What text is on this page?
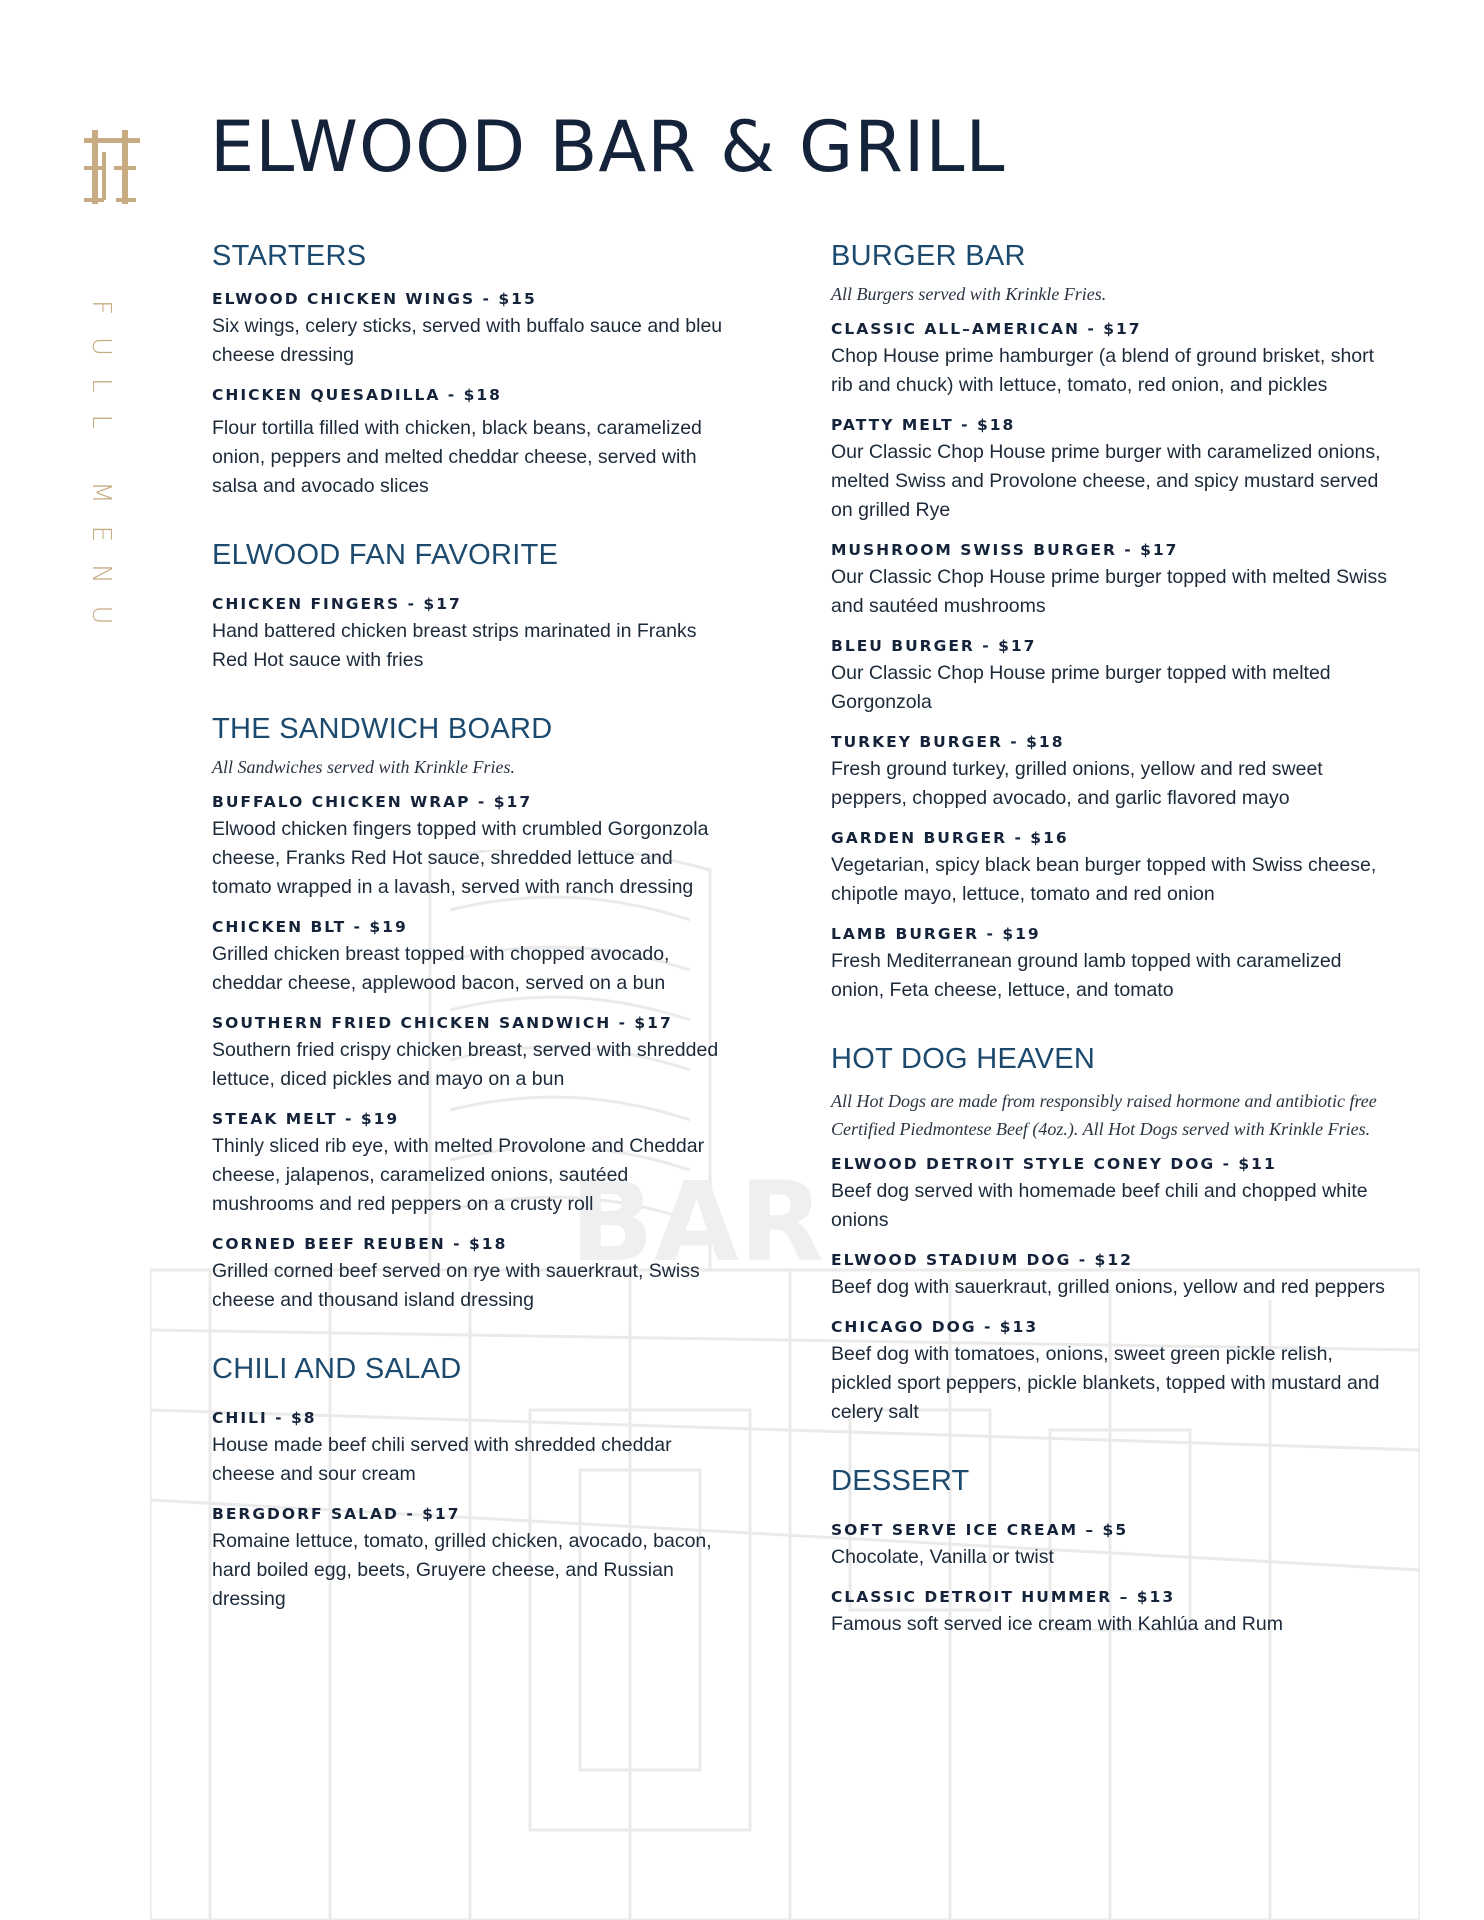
BAR
FULL MENU
ELWOOD BAR & GRILL
STARTERS
ELWOOD CHICKEN WINGS - $15
Six wings, celery sticks, served with buffalo sauce and bleu cheese dressing
CHICKEN QUESADILLA - $18
Flour tortilla filled with chicken, black beans, caramelized onion, peppers and melted cheddar cheese, served with salsa and avocado slices
ELWOOD FAN FAVORITE
CHICKEN FINGERS - $17
Hand battered chicken breast strips marinated in Franks Red Hot sauce with fries
THE SANDWICH BOARD
All Sandwiches served with Krinkle Fries.
BUFFALO CHICKEN WRAP - $17
Elwood chicken fingers topped with crumbled Gorgonzola cheese, Franks Red Hot sauce, shredded lettuce and tomato wrapped in a lavash, served with ranch dressing
CHICKEN BLT - $19
Grilled chicken breast topped with chopped avocado, cheddar cheese, applewood bacon, served on a bun
SOUTHERN FRIED CHICKEN SANDWICH - $17
Southern fried crispy chicken breast, served with shredded lettuce, diced pickles and mayo on a bun
STEAK MELT - $19
Thinly sliced rib eye, with melted Provolone and Cheddar cheese, jalapenos, caramelized onions, sautéed mushrooms and red peppers on a crusty roll
CORNED BEEF REUBEN - $18
Grilled corned beef served on rye with sauerkraut, Swiss cheese and thousand island dressing
CHILI AND SALAD
CHILI - $8
House made beef chili served with shredded cheddar cheese and sour cream
BERGDORF SALAD - $17
Romaine lettuce, tomato, grilled chicken, avocado, bacon, hard boiled egg, beets, Gruyere cheese, and Russian dressing
BURGER BAR
All Burgers served with Krinkle Fries.
CLASSIC ALL–AMERICAN - $17
Chop House prime hamburger (a blend of ground brisket, short rib and chuck) with lettuce, tomato, red onion, and pickles
PATTY MELT - $18
Our Classic Chop House prime burger with caramelized onions, melted Swiss and Provolone cheese, and spicy mustard served on grilled Rye
MUSHROOM SWISS BURGER - $17
Our Classic Chop House prime burger topped with melted Swiss and sautéed mushrooms
BLEU BURGER - $17
Our Classic Chop House prime burger topped with melted Gorgonzola
TURKEY BURGER - $18
Fresh ground turkey, grilled onions, yellow and red sweet peppers, chopped avocado, and garlic flavored mayo
GARDEN BURGER - $16
Vegetarian, spicy black bean burger topped with Swiss cheese, chipotle mayo, lettuce, tomato and red onion
LAMB BURGER - $19
Fresh Mediterranean ground lamb topped with caramelized onion, Feta cheese, lettuce, and tomato
HOT DOG HEAVEN
All Hot Dogs are made from responsibly raised hormone and antibiotic free Certified Piedmontese Beef (4oz.). All Hot Dogs served with Krinkle Fries.
ELWOOD DETROIT STYLE CONEY DOG - $11
Beef dog served with homemade beef chili and chopped white onions
ELWOOD STADIUM DOG - $12
Beef dog with sauerkraut, grilled onions, yellow and red peppers
CHICAGO DOG - $13
Beef dog with tomatoes, onions, sweet green pickle relish, pickled sport peppers, pickle blankets, topped with mustard and celery salt
DESSERT
SOFT SERVE ICE CREAM – $5
Chocolate, Vanilla or twist
CLASSIC DETROIT HUMMER – $13
Famous soft served ice cream with Kahlúa and Rum
